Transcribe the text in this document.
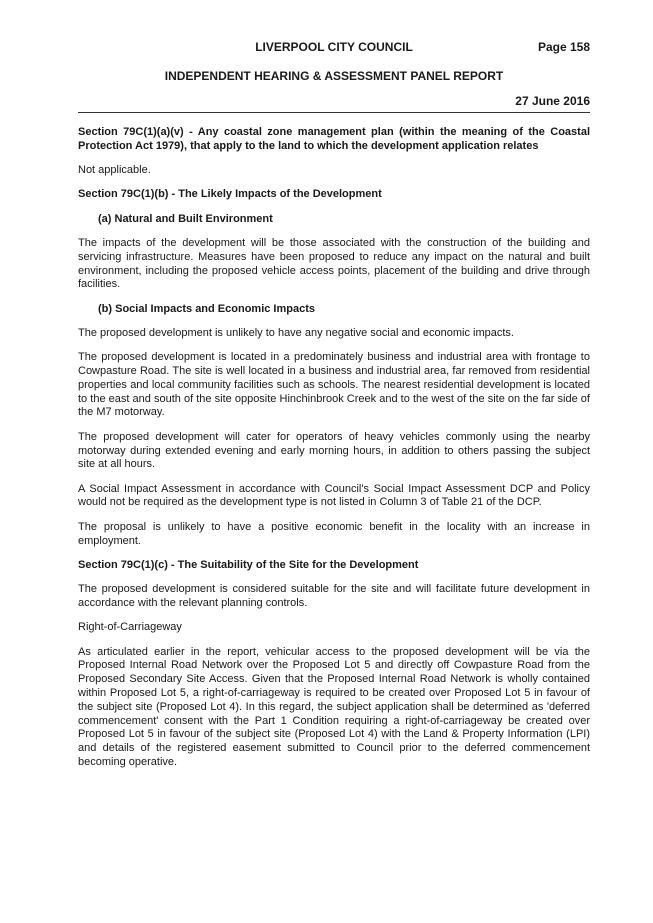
LIVERPOOL CITY COUNCIL	Page 158
INDEPENDENT HEARING & ASSESSMENT PANEL REPORT
27 June 2016

Section 79C(1)(a)(v) - Any coastal zone management plan (within the meaning of the Coastal Protection Act 1979), that apply to the land to which the development application relates

Not applicable.

Section 79C(1)(b) - The Likely Impacts of the Development

(a) Natural and Built Environment

The impacts of the development will be those associated with the construction of the building and servicing infrastructure. Measures have been proposed to reduce any impact on the natural and built environment, including the proposed vehicle access points, placement of the building and drive through facilities.

(b) Social Impacts and Economic Impacts

The proposed development is unlikely to have any negative social and economic impacts.

The proposed development is located in a predominately business and industrial area with frontage to Cowpasture Road. The site is well located in a business and industrial area, far removed from residential properties and local community facilities such as schools. The nearest residential development is located to the east and south of the site opposite Hinchinbrook Creek and to the west of the site on the far side of the M7 motorway.

The proposed development will cater for operators of heavy vehicles commonly using the nearby motorway during extended evening and early morning hours, in addition to others passing the subject site at all hours.

A Social Impact Assessment in accordance with Council's Social Impact Assessment DCP and Policy would not be required as the development type is not listed in Column 3 of Table 21 of the DCP.

The proposal is unlikely to have a positive economic benefit in the locality with an increase in employment.

Section 79C(1)(c) - The Suitability of the Site for the Development

The proposed development is considered suitable for the site and will facilitate future development in accordance with the relevant planning controls.

Right-of-Carriageway

As articulated earlier in the report, vehicular access to the proposed development will be via the Proposed Internal Road Network over the Proposed Lot 5 and directly off Cowpasture Road from the Proposed Secondary Site Access. Given that the Proposed Internal Road Network is wholly contained within Proposed Lot 5, a right-of-carriageway is required to be created over Proposed Lot 5 in favour of the subject site (Proposed Lot 4). In this regard, the subject application shall be determined as 'deferred commencement' consent with the Part 1 Condition requiring a right-of-carriageway be created over Proposed Lot 5 in favour of the subject site (Proposed Lot 4) with the Land & Property Information (LPI) and details of the registered easement submitted to Council prior to the deferred commencement becoming operative.
